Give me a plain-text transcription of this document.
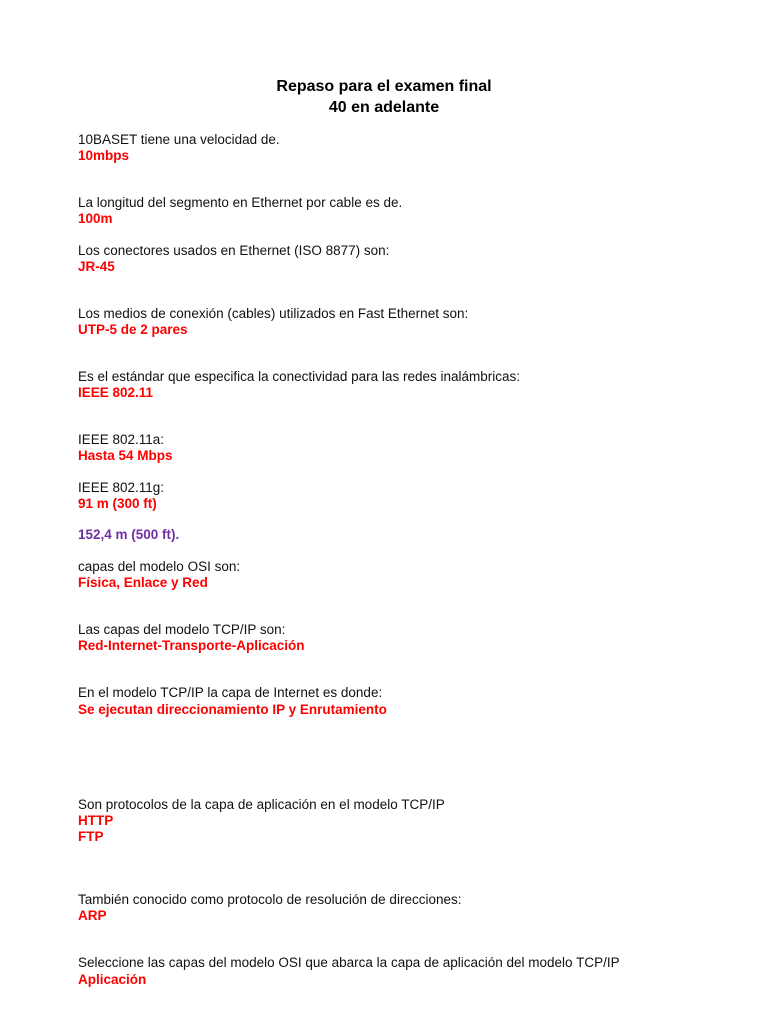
Repaso para el examen final
40 en adelante
10BASET tiene una velocidad de.
10mbps
La longitud del segmento en Ethernet por cable es de.
100m
Los conectores usados en Ethernet (ISO 8877) son:
JR-45
Los medios de conexión (cables) utilizados en Fast Ethernet son:
UTP-5 de 2 pares
Es el estándar que especifica la conectividad para las redes inalámbricas:
IEEE 802.11
IEEE 802.11a:
Hasta 54 Mbps
IEEE 802.11g:
91 m (300 ft)
152,4 m (500 ft).
capas del modelo OSI son:
Física, Enlace y Red
Las capas del modelo TCP/IP son:
Red-Internet-Transporte-Aplicación
En el modelo TCP/IP la capa de Internet es donde:
Se ejecutan direccionamiento IP y Enrutamiento
Son protocolos de la capa de aplicación en el modelo TCP/IP
HTTP
FTP
También conocido como protocolo de resolución de direcciones:
ARP
Seleccione las capas del modelo OSI que abarca la capa de aplicación del modelo TCP/IP
Aplicación
